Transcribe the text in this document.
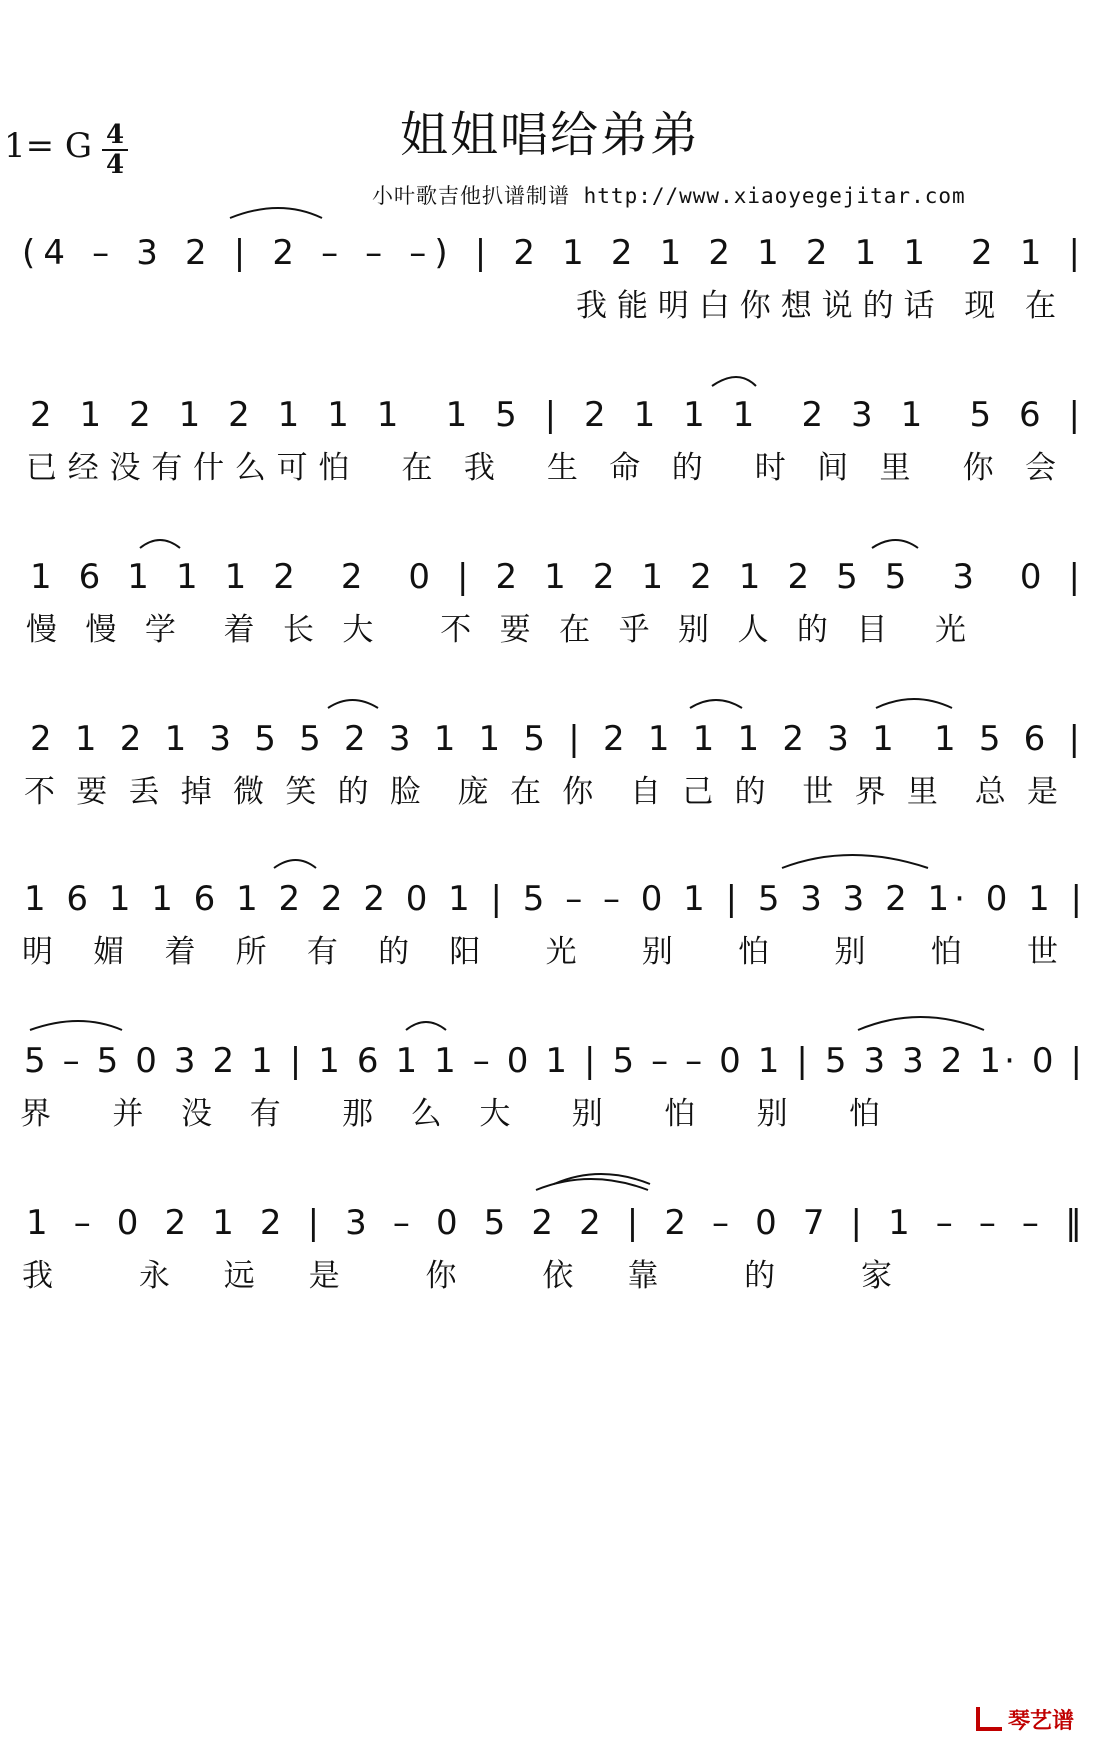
1= G 4
4
姐姐唱给弟弟
小叶歌吉他扒谱制谱 http://www.xiaoyegejitar.com
(4 – 3 2 | 2 – – –) | 2 1 2 1 2 1 2 1 1  2 1 |
我能明白你想说的话 现 在
2 1 2 1 2 1 1 1  1 5 | 2 1 1 1  2 3 1  5 6 |
已经没有什么可怕  在 我  生 命 的  时 间 里  你 会
1 6 1 1 1 2  2  0 | 2 1 2 1 2 1 2 5 5  3  0 |
慢 慢 学  着 长 大   不 要 在 乎 别 人 的 目  光
2 1 2 1 3 5 5 2 3 1 1 5 | 2 1 1 1 2 3 1  1 5 6 |
不 要 丢 掉 微 笑 的 脸  庞 在 你  自 己 的  世 界 里  总 是
1 6 1 1 6 1 2 2 2 0 1 | 5 – – 0 1 | 5 3 3 2 1· 0 1 |
明 媚 着 所 有 的 阳  光  别  怕  别  怕  世
5 – 5 0 3 2 1 | 1 6 1 1 – 0 1 | 5 – – 0 1 | 5 3 3 2 1· 0 |
界  并 没 有  那 么 大  别  怕  别  怕
1 – 0 2 1 2 | 3 – 0 5 2 2 | 2 – 0 7 | 1 – – – ‖
我  永 远 是  你  依 靠  的  家
琴艺谱
